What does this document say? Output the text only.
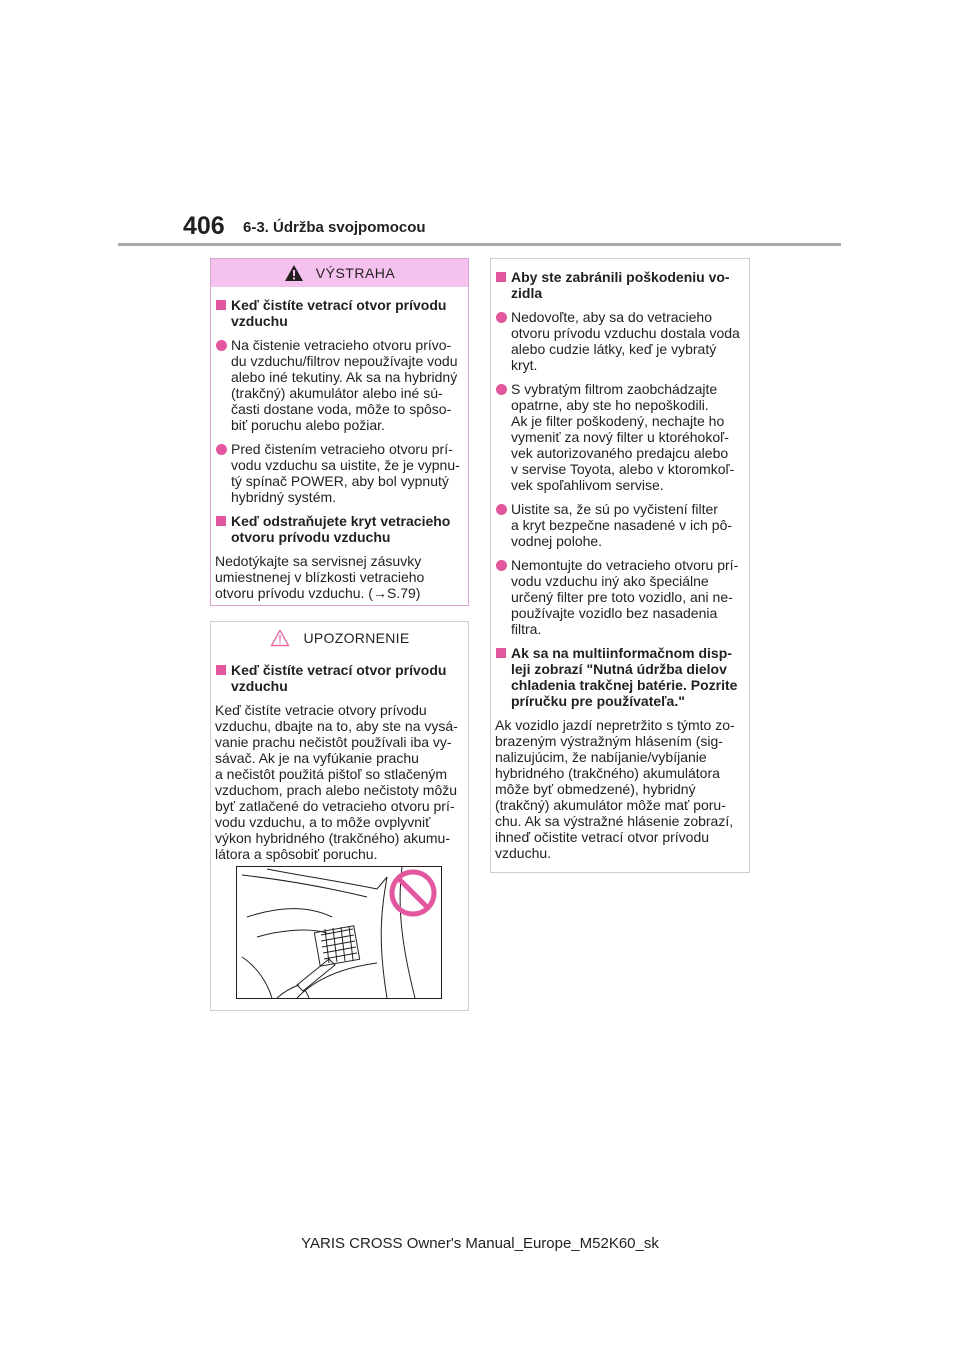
406 6-3. Údržba svojpomocou
VÝSTRAHA
Keď čistíte vetrací otvor prívodu
vzduchu
Na čistenie vetracieho otvoru prívo-
du vzduchu/filtrov nepoužívajte vodu
alebo iné tekutiny. Ak sa na hybridný
(trakčný) akumulátor alebo iné sú-
časti dostane voda, môže to spôso-
biť poruchu alebo požiar.
Pred čistením vetracieho otvoru prí-
vodu vzduchu sa uistite, že je vypnu-
tý spínač POWER, aby bol vypnutý
hybridný systém.
Keď odstraňujete kryt vetracieho
otvoru prívodu vzduchu
Nedotýkajte sa servisnej zásuvky
umiestnenej v blízkosti vetracieho
otvoru prívodu vzduchu. (→S.79)
UPOZORNENIE
Keď čistíte vetrací otvor prívodu
vzduchu
Keď čistíte vetracie otvory prívodu
vzduchu, dbajte na to, aby ste na vysá-
vanie prachu nečistôt používali iba vy-
sávač. Ak je na vyfúkanie prachu
a nečistôt použitá pištoľ so stlačeným
vzduchom, prach alebo nečistoty môžu
byť zatlačené do vetracieho otvoru prí-
vodu vzduchu, a to môže ovplyvniť
výkon hybridného (trakčného) akumu-
látora a spôsobiť poruchu.
Aby ste zabránili poškodeniu vo-
zidla
Nedovoľte, aby sa do vetracieho
otvoru prívodu vzduchu dostala voda
alebo cudzie látky, keď je vybratý
kryt.
S vybratým filtrom zaobchádzajte
opatrne, aby ste ho nepoškodili.
Ak je filter poškodený, nechajte ho
vymeniť za nový filter u ktoréhokoľ-
vek autorizovaného predajcu alebo
v servise Toyota, alebo v ktoromkoľ-
vek spoľahlivom servise.
Uistite sa, že sú po vyčistení filter
a kryt bezpečne nasadené v ich pô-
vodnej polohe.
Nemontujte do vetracieho otvoru prí-
vodu vzduchu iný ako špeciálne
určený filter pre toto vozidlo, ani ne-
používajte vozidlo bez nasadenia
filtra.
Ak sa na multiinformačnom disp-
leji zobrazí "Nutná údržba dielov
chladenia trakčnej batérie. Pozrite
príručku pre používateľa."
Ak vozidlo jazdí nepretržito s týmto zo-
brazeným výstražným hlásením (sig-
nalizujúcim, že nabíjanie/vybíjanie
hybridného (trakčného) akumulátora
môže byť obmedzené), hybridný
(trakčný) akumulátor môže mať poru-
chu. Ak sa výstražné hlásenie zobrazí,
ihneď očistite vetrací otvor prívodu
vzduchu.
YARIS CROSS Owner's Manual_Europe_M52K60_sk
